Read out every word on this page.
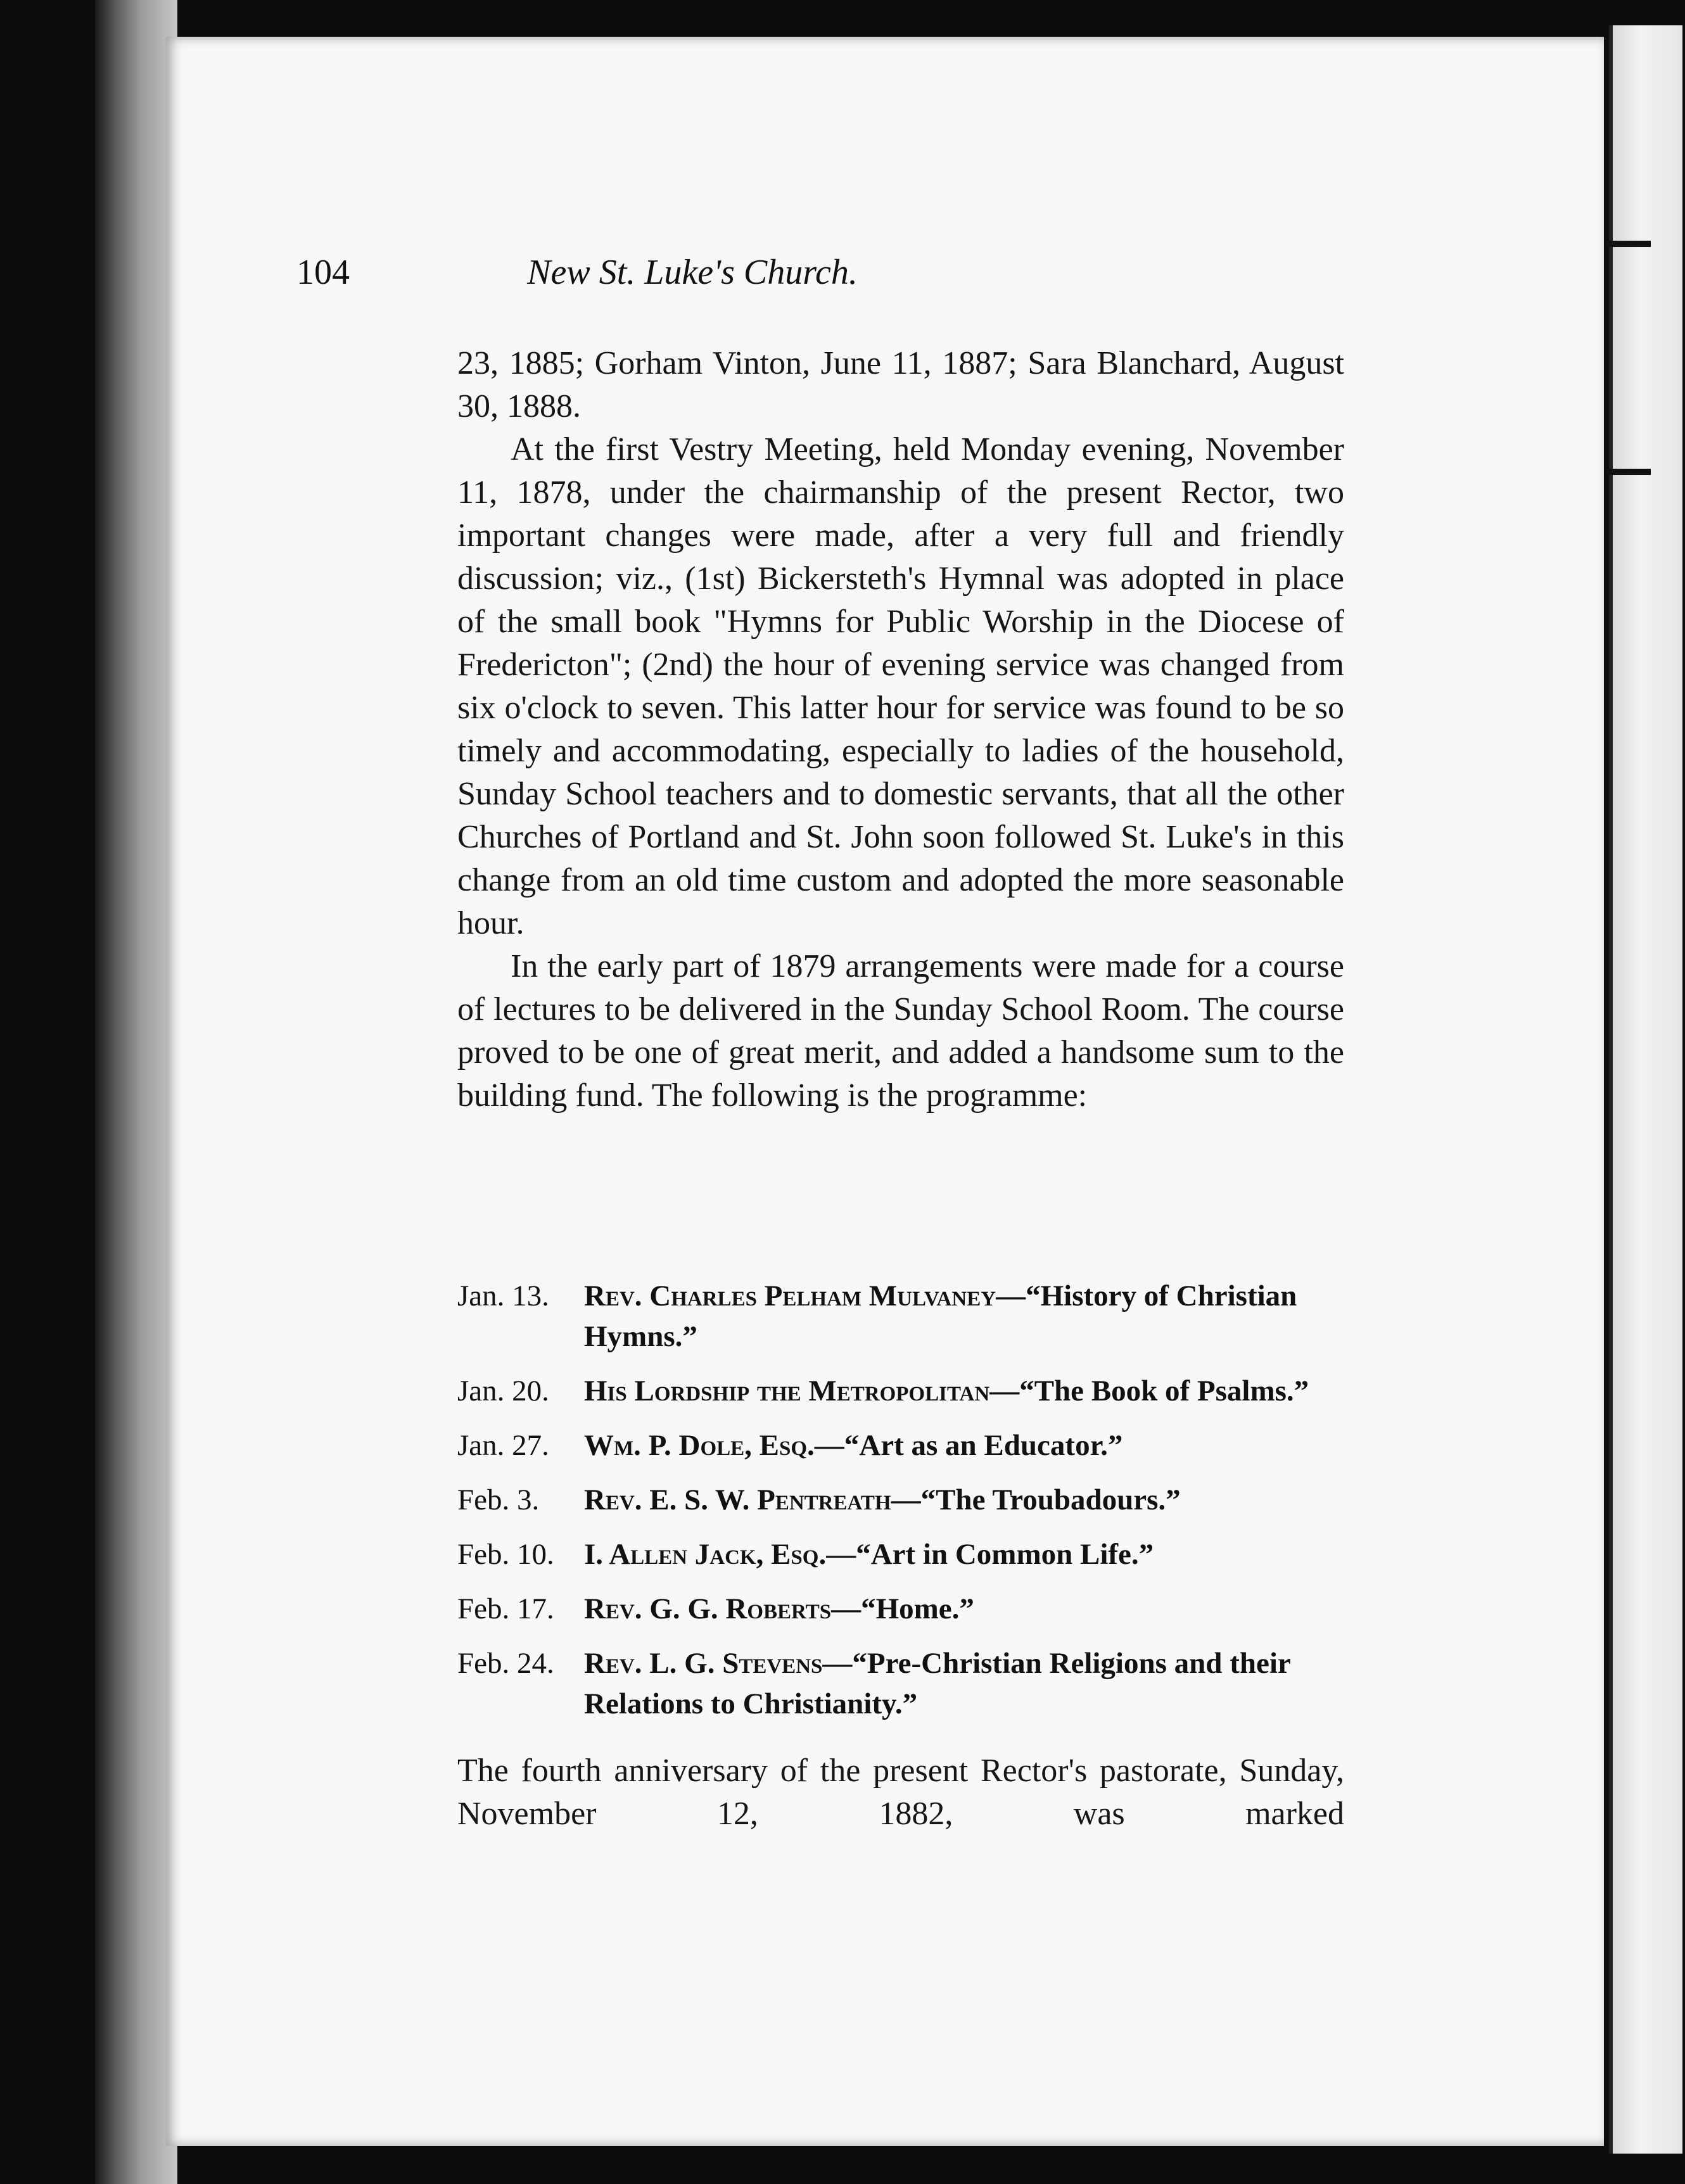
104	New St. Luke's Church.

23, 1885; Gorham Vinton, June 11, 1887; Sara Blanchard, August 30, 1888.

At the first Vestry Meeting, held Monday evening, November 11, 1878, under the chairmanship of the present Rector, two important changes were made, after a very full and friendly discussion; viz., (1st) Bickersteth's Hymnal was adopted in place of the small book "Hymns for Public Worship in the Diocese of Fredericton"; (2nd) the hour of evening service was changed from six o'clock to seven. This latter hour for service was found to be so timely and accommodating, especially to ladies of the household, Sunday School teachers and to domestic servants, that all the other Churches of Portland and St. John soon followed St. Luke's in this change from an old time custom and adopted the more seasonable hour.

In the early part of 1879 arrangements were made for a course of lectures to be delivered in the Sunday School Room. The course proved to be one of great merit, and added a handsome sum to the building fund. The following is the programme:

Jan. 13.	Rev. Charles Pelham Mulvaney—“History of Christian Hymns.”
Jan. 20.	His Lordship the Metropolitan—“The Book of Psalms.”
Jan. 27.	Wm. P. Dole, Esq.—“Art as an Educator.”
Feb. 3.	Rev. E. S. W. Pentreath—“The Troubadours.”
Feb. 10.	I. Allen Jack, Esq.—“Art in Common Life.”
Feb. 17.	Rev. G. G. Roberts—“Home.”
Feb. 24.	Rev. L. G. Stevens—“Pre-Christian Religions and their Relations to Christianity.”
The fourth anniversary of the present Rector's pastorate, Sunday, November 12, 1882, was marked
